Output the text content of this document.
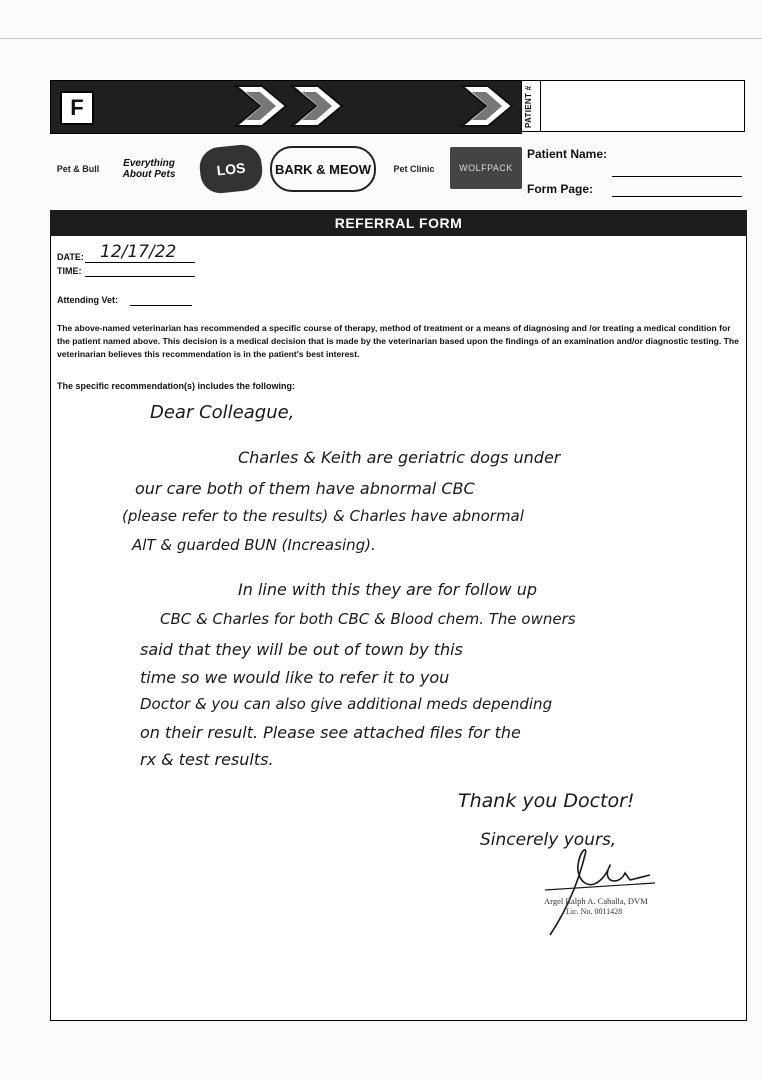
F	PATIENT #
Pet & Bull	Everything About Pets	LOS	BARK & MEOW	Pet Clinic	WOLFPACK
Patient Name:
Form Page:
REFERRAL FORM
DATE: 12/17/22
TIME:
Attending Vet:
The above-named veterinarian has recommended a specific course of therapy, method of treatment or a means of diagnosing and /or treating a medical condition for the patient named above. This decision is a medical decision that is made by the veterinarian based upon the findings of an examination and/or diagnostic testing. The veterinarian believes this recommendation is in the patient's best interest.
The specific recommendation(s) includes the following:
Dear Colleague,
Charles & Keith are geriatric dogs under
our care both of them have abnormal CBC
(please refer to the results) & Charles have abnormal
AlT & guarded BUN (Increasing).
In line with this they are for follow up
CBC & Charles for both CBC & Blood chem. The owners
said that they will be out of town by this
time so we would like to refer it to you
Doctor & you can also give additional meds depending
on their result. Please see attached files for the
rx & test results.
Thank you Doctor!
Sincerely yours,
Argel Ralph A. Caballa, DVM
Lic. No. 0011428
